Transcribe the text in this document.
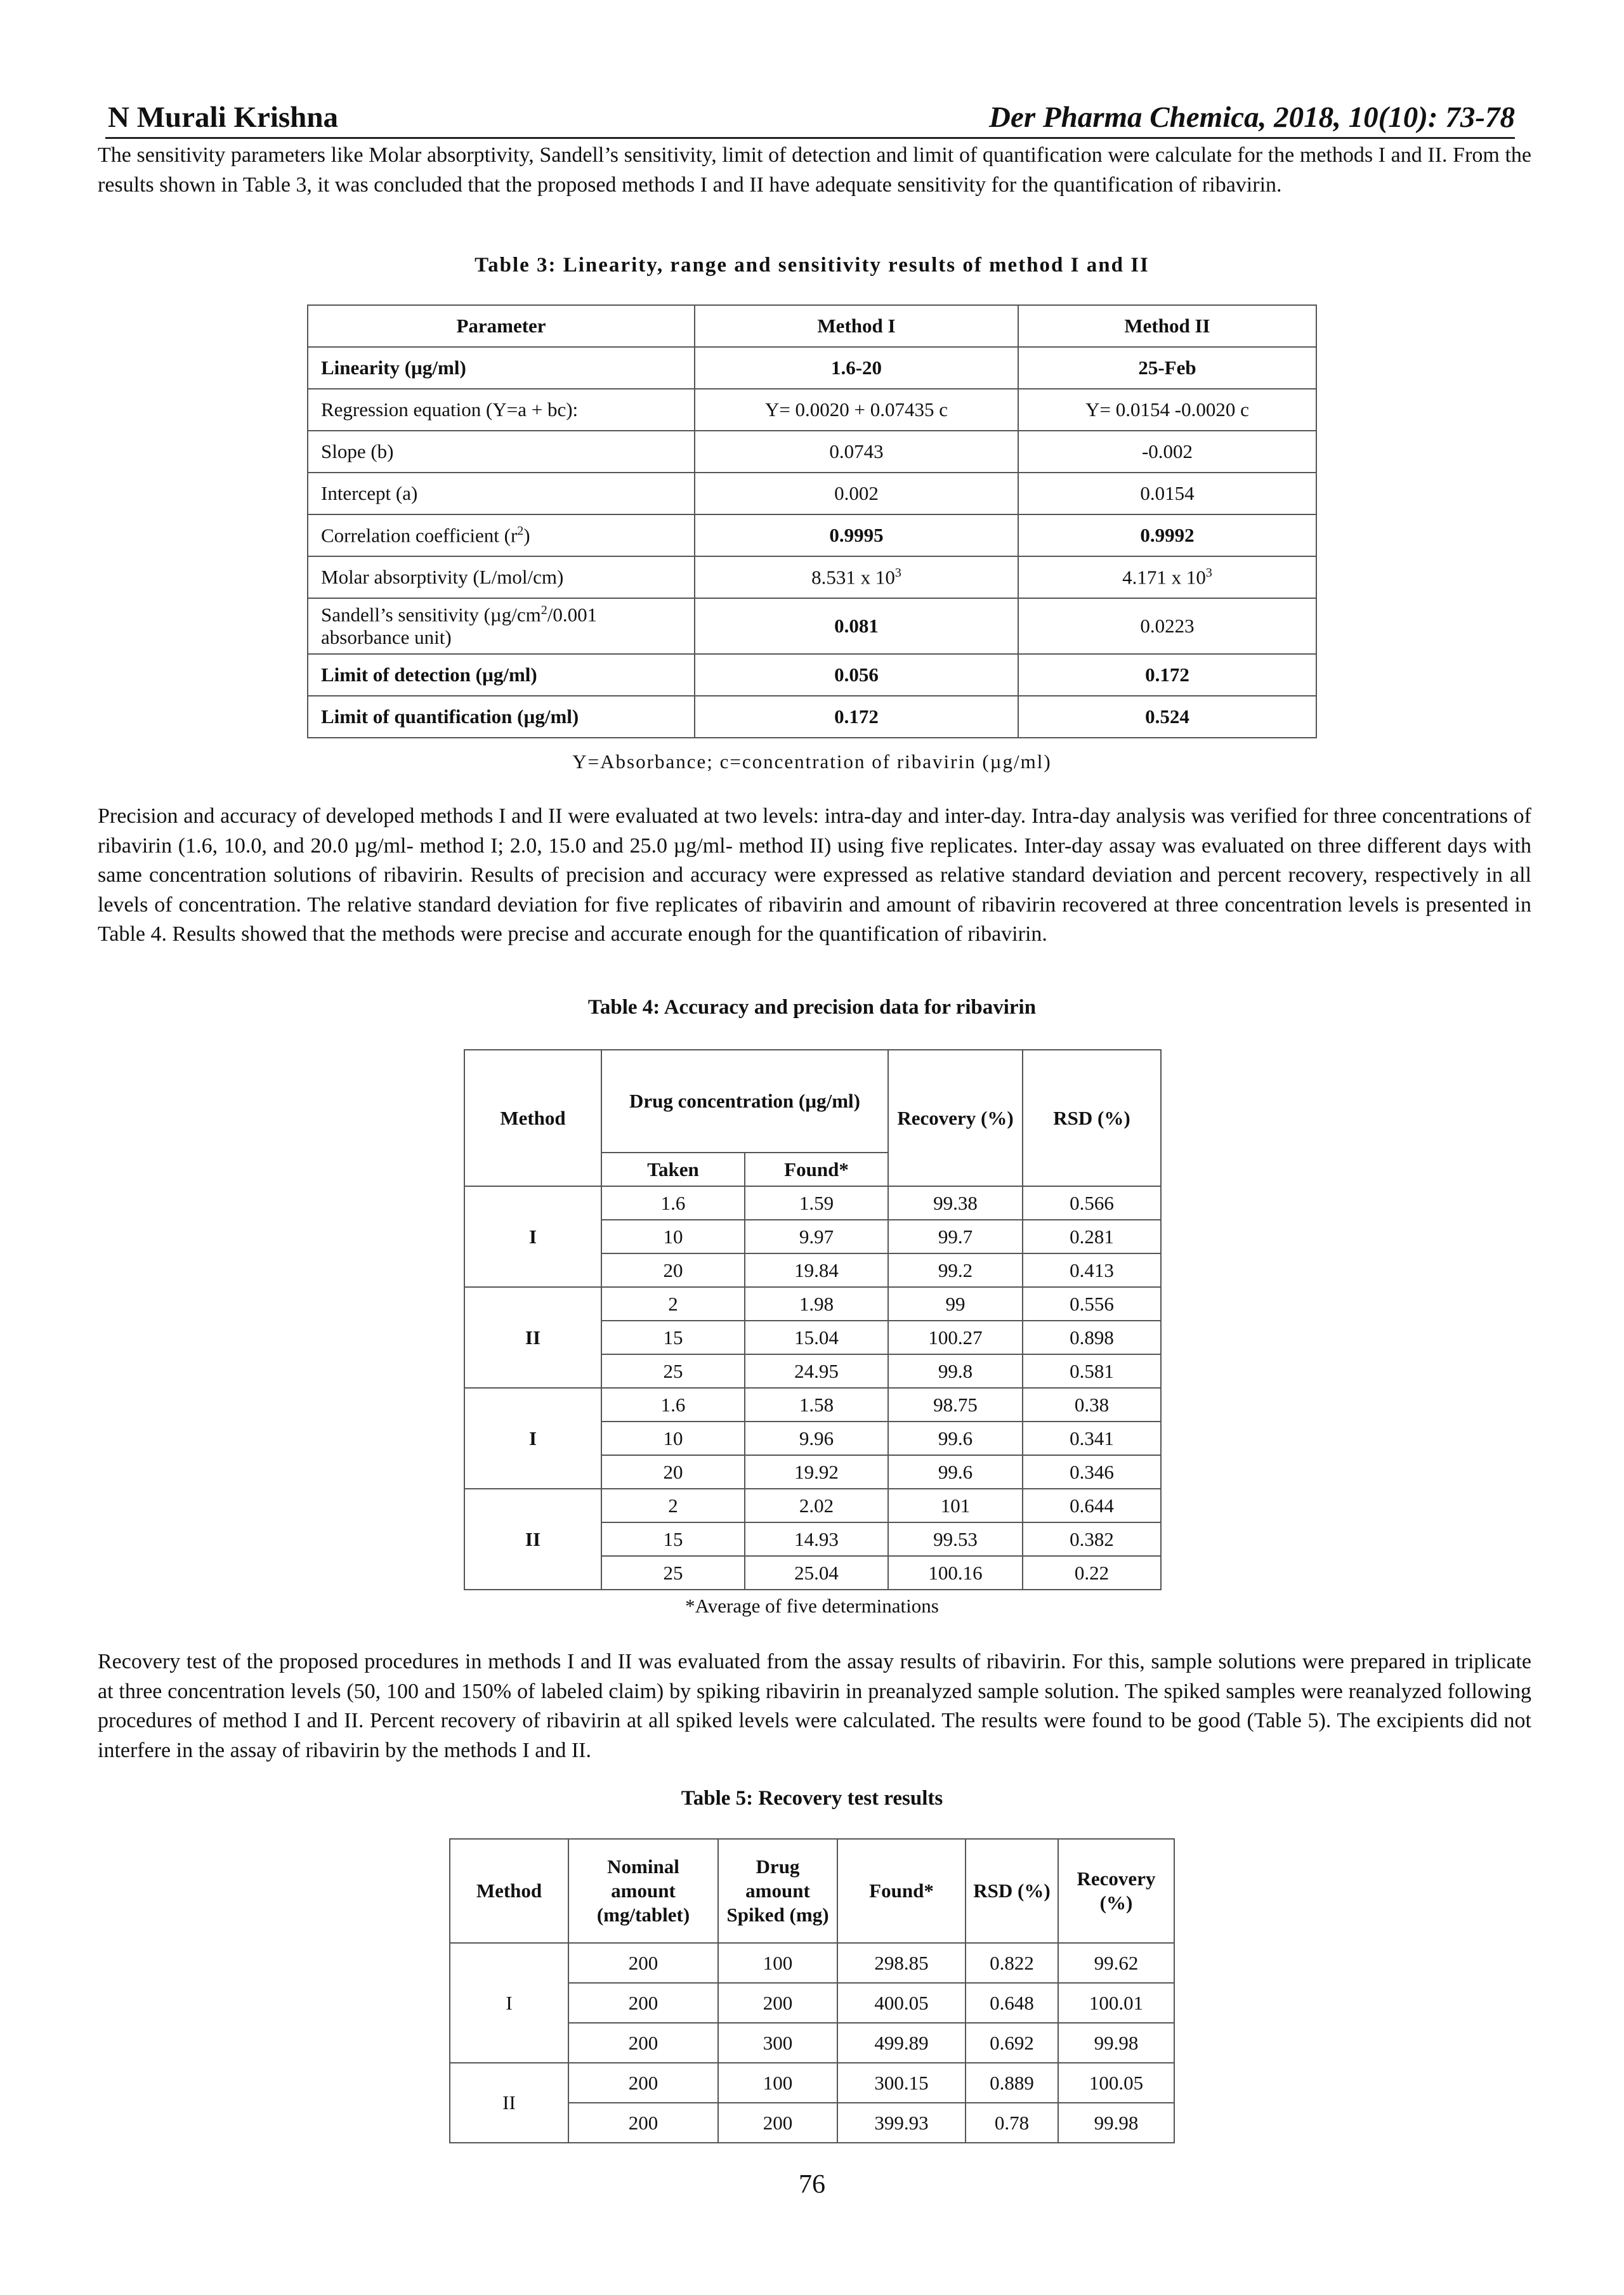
N Murali Krishna	Der Pharma Chemica, 2018, 10(10): 73-78

The sensitivity parameters like Molar absorptivity, Sandell’s sensitivity, limit of detection and limit of quantification were calculate for the methods I and II. From the results shown in Table 3, it was concluded that the proposed methods I and II have adequate sensitivity for the quantification of ribavirin.

Table 3: Linearity, range and sensitivity results of method I and II

Parameter	Method I	Method II
Linearity (µg/ml)	1.6-20	25-Feb
Regression equation (Y=a + bc):	Y= 0.0020 + 0.07435 c	Y= 0.0154 -0.0020 c
Slope (b)	0.0743	-0.002
Intercept (a)	0.002	0.0154
Correlation coefficient $(r^2)$	0.9995	0.9992
Molar absorptivity (L/mol/cm)	8.531 x $10^3$	4.171 x $10^3$
Sandell’s sensitivity ($\mu g/cm^2/0.001$ absorbance unit)	0.081	0.0223
Limit of detection (µg/ml)	0.056	0.172
Limit of quantification (µg/ml)	0.172	0.524

Y=Absorbance; c=concentration of ribavirin (µg/ml)

Precision and accuracy of developed methods I and II were evaluated at two levels: intra-day and inter-day. Intra-day analysis was verified for three concentrations of ribavirin (1.6, 10.0, and 20.0 µg/ml- method I; 2.0, 15.0 and 25.0 µg/ml- method II) using five replicates. Inter-day assay was evaluated on three different days with same concentration solutions of ribavirin. Results of precision and accuracy were expressed as relative standard deviation and percent recovery, respectively in all levels of concentration. The relative standard deviation for five replicates of ribavirin and amount of ribavirin recovered at three concentration levels is presented in Table 4. Results showed that the methods were precise and accurate enough for the quantification of ribavirin.

Table 4: Accuracy and precision data for ribavirin

Method	Drug concentration (µg/ml)		Recovery (%)	RSD (%)
	Taken	Found*		
I	1.6	1.59	99.38	0.566
	10	9.97	99.7	0.281
	20	19.84	99.2	0.413
II	2	1.98	99	0.556
	15	15.04	100.27	0.898
	25	24.95	99.8	0.581
I	1.6	1.58	98.75	0.38
	10	9.96	99.6	0.341
	20	19.92	99.6	0.346
II	2	2.02	101	0.644
	15	14.93	99.53	0.382
	25	25.04	100.16	0.22

*Average of five determinations

Recovery test of the proposed procedures in methods I and II was evaluated from the assay results of ribavirin. For this, sample solutions were prepared in triplicate at three concentration levels (50, 100 and 150% of labeled claim) by spiking ribavirin in preanalyzed sample solution. The spiked samples were reanalyzed following procedures of method I and II. Percent recovery of ribavirin at all spiked levels were calculated. The results were found to be good (Table 5). The excipients did not interfere in the assay of ribavirin by the methods I and II.

Table 5: Recovery test results

Method	Nominal amount (mg/tablet)	Drug amount Spiked (mg)	Found*	RSD (%)	Recovery (%)
I	200	100	298.85	0.822	99.62
	200	200	400.05	0.648	100.01
	200	300	499.89	0.692	99.98
II	200	100	300.15	0.889	100.05
	200	200	399.93	0.78	99.98

76
